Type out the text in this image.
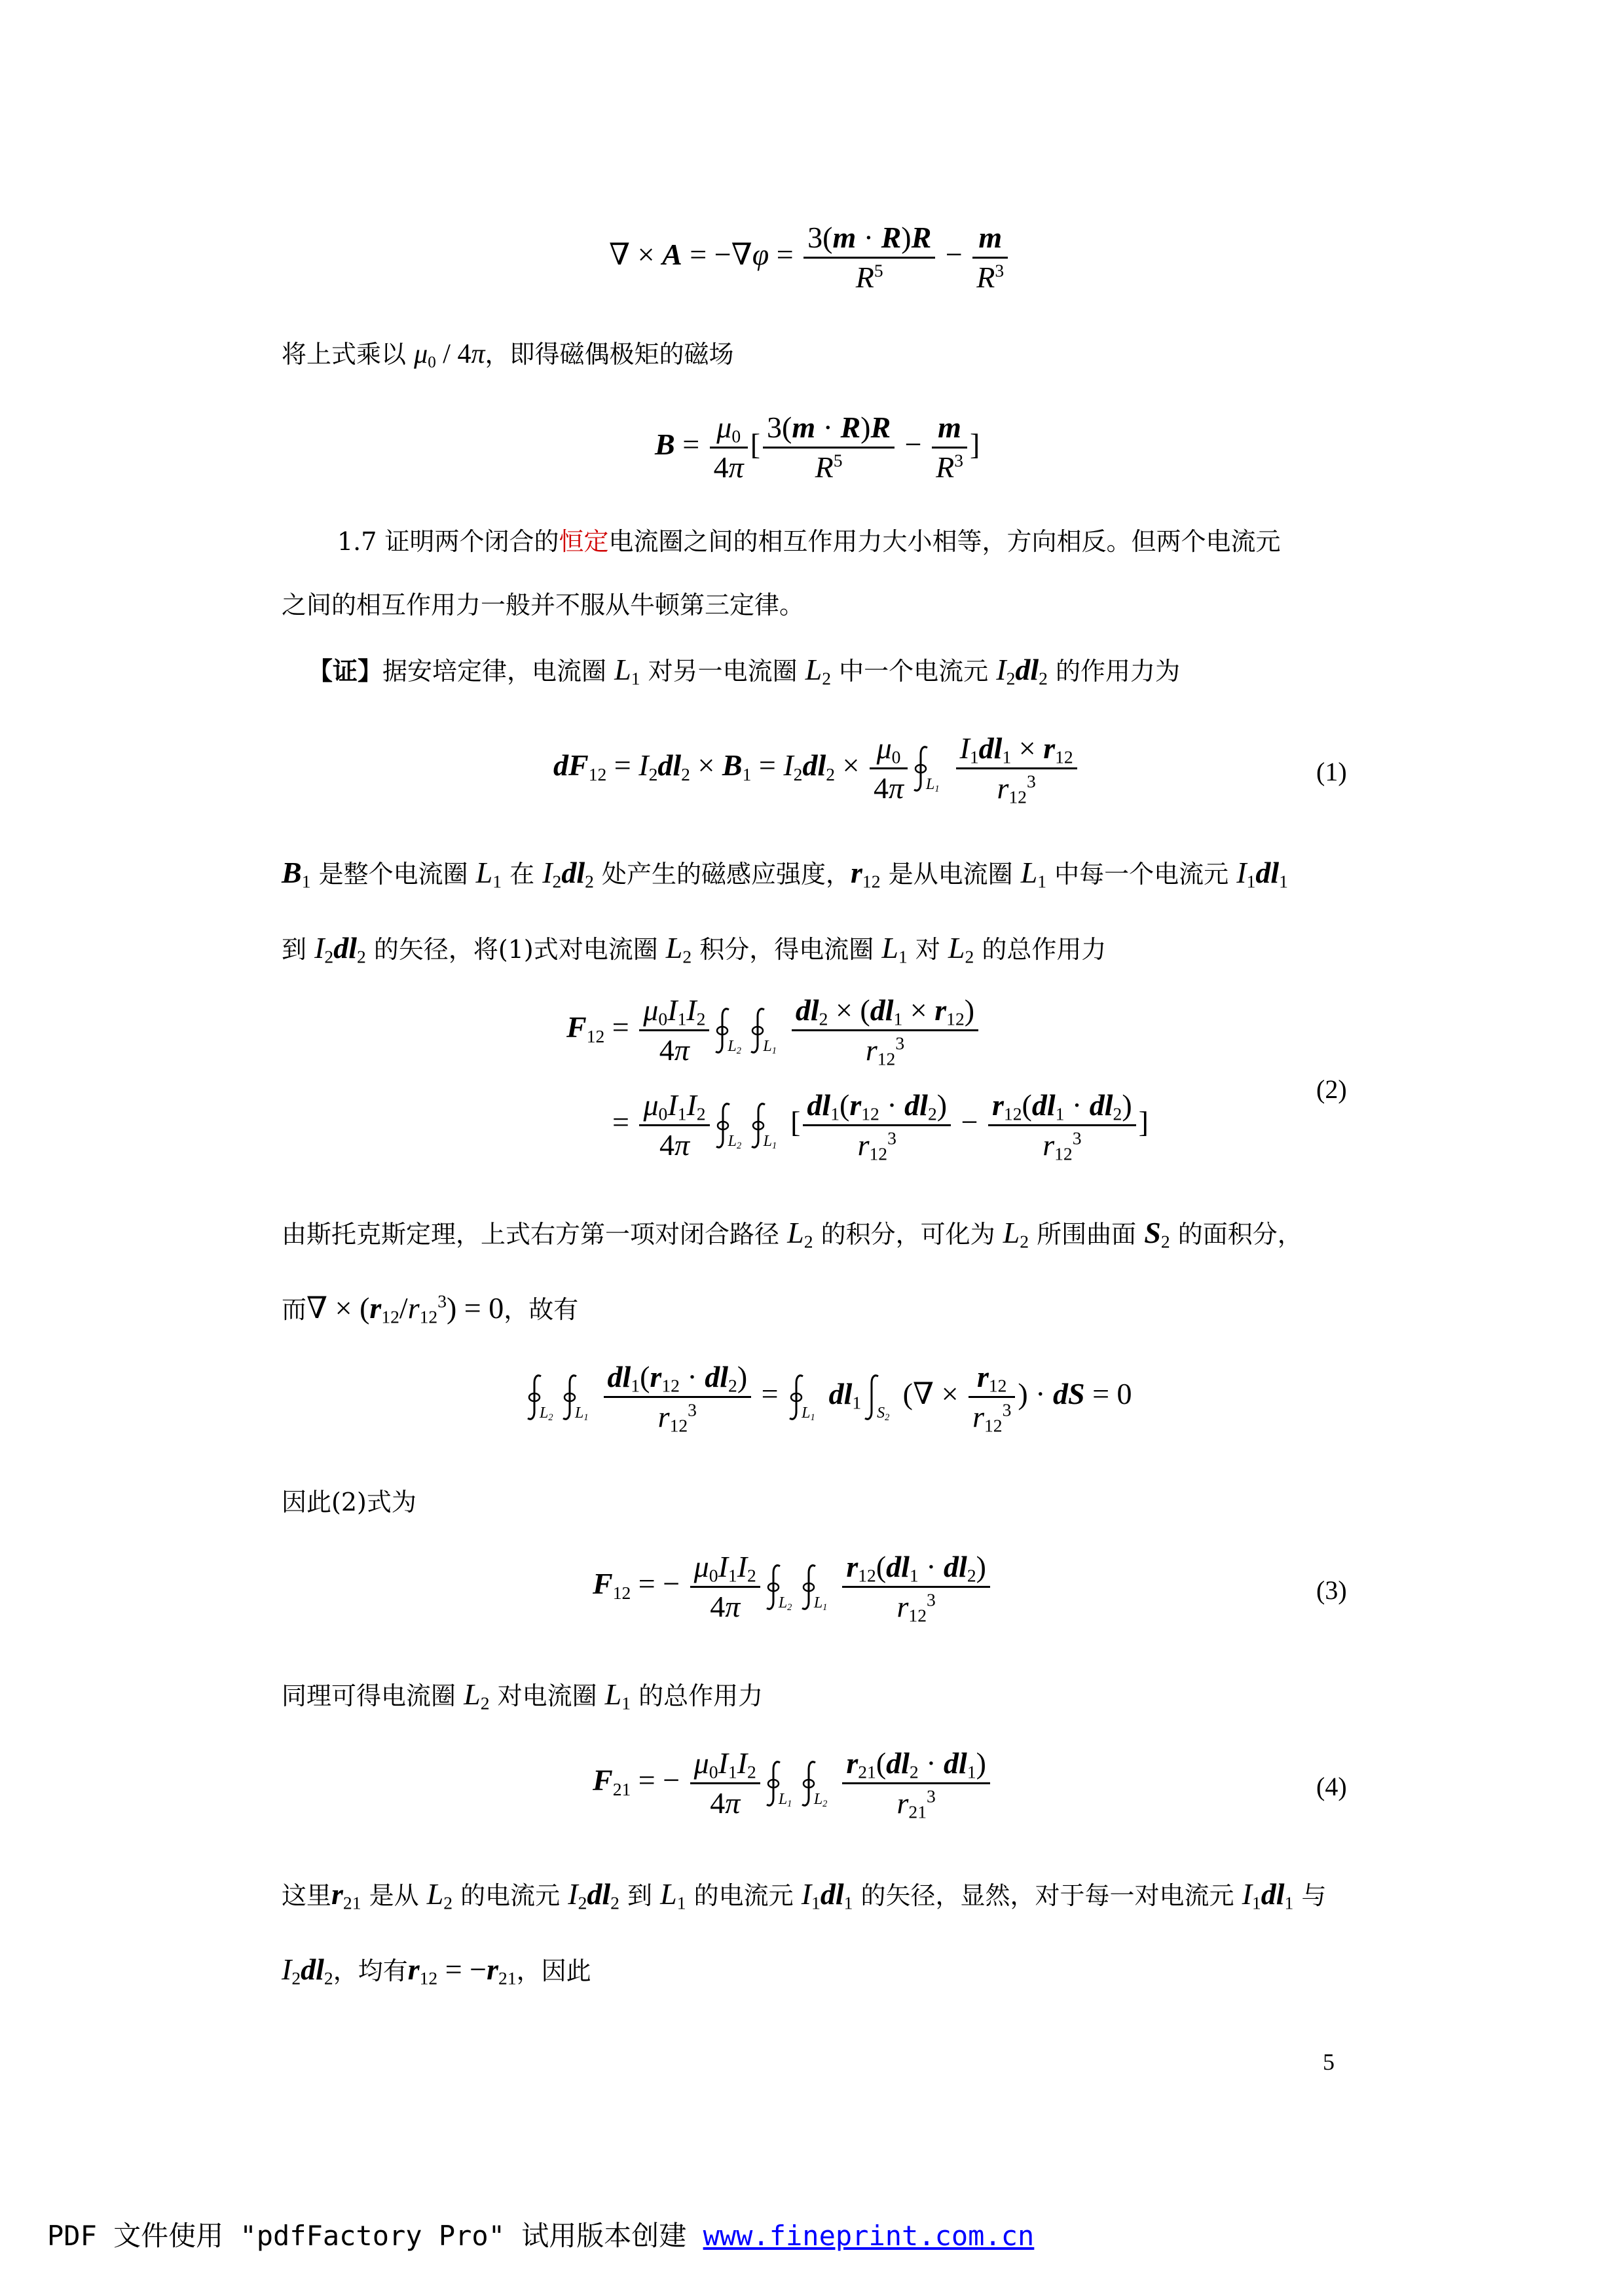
∇ × $A = -\nabla\varphi = \frac{3(m \cdot R)R}{R^5} - \frac{m}{R^3}$
将上式乘以 $\mu_0 / 4\pi$，即得磁偶极矩的磁场
$B = \frac{\mu_0}{4\pi}$ [ $\frac{3(m \cdot R)R}{R^5} - \frac{m}{R^3}$ ]
1.7 证明两个闭合的恒定电流圈之间的相互作用力大小相等，方向相反。但两个电流元
之间的相互作用力一般并不服从牛顿第三定律。
【证】据安培定律，电流圈 $L_1$ 对另一电流圈 $L_2$ 中一个电流元 $I_2dl_2$ 的作用力为
$dF_{12} = I_2dl_2 \times B_1 = I_2dl_2 \times \frac{\mu_0}{4\pi} L_1$
$\frac{I_1dl_1 \times r_{12}}{r_{12}^3}$	(1)
$B_1$ 是整个电流圈 $L_1$ 在 $I_2dl_2$ 处产生的磁感应强度，$r_{12}$ 是从电流圈 $L_1$ 中每一个电流元 $I_1dl_1$
到 $I_2dl_2$ 的矢径，将(1)式对电流圈 $L_2$ 积分，得电流圈 $L_1$ 对 $L_2$ 的总作用力
$F_{12} = \frac{\mu_0I_1I_2}{4\pi} L_2$ $L_1$
$\frac{dl_2 \times (dl_1 \times r_{12})}{r_{12}^3}$
= $\frac{\mu_0I_1I_2}{4\pi} L_2$ $L_1$
[ $\frac{dl_1(r_{12} \cdot dl_2)}{r_{12}^3} - \frac{r_{12}(dl_1 \cdot dl_2)}{r_{12}^3}$ ]
(2)
由斯托克斯定理，上式右方第一项对闭合路径 $L_2$ 的积分，可化为 $L_2$ 所围曲面 $S_2$ 的面积分，
而∇ × $(r_{12}/r_{12}^3) = 0$，故有
$L_2$ $L_1$
$\frac{dl_1(r_{12} \cdot dl_2)}{r_{12}^3}$ =
$L_1$
$dl_1$ $S_2$
(∇ × $\frac{r_{12}}{r_{12}^3}$ ) · dS = 0
因此(2)式为
$F_{12}$ = − $\frac{\mu_0I_1I_2}{4\pi} L_2$ $L_1$
$\frac{r_{12}(dl_1 \cdot dl_2)}{r_{12}^3}$	(3)
同理可得电流圈 $L_2$ 对电流圈 $L_1$ 的总作用力
$F_{21}$ = − $\frac{\mu_0I_1I_2}{4\pi} L_1$ $L_2$
$\frac{r_{21}(dl_2 \cdot dl_1)}{r_{21}^3}$	(4)
这里$r_{21}$ 是从 $L_2$ 的电流元 $I_2dl_2$ 到 $L_1$ 的电流元 $I_1dl_1$ 的矢径，显然，对于每一对电流元 $I_1dl_1$ 与
$I_2dl_2$，均有$r_{12} = -r_{21}$，因此
5
PDF 文件使用 "pdfFactory Pro" 试用版本创建 www.fineprint.com.cn
